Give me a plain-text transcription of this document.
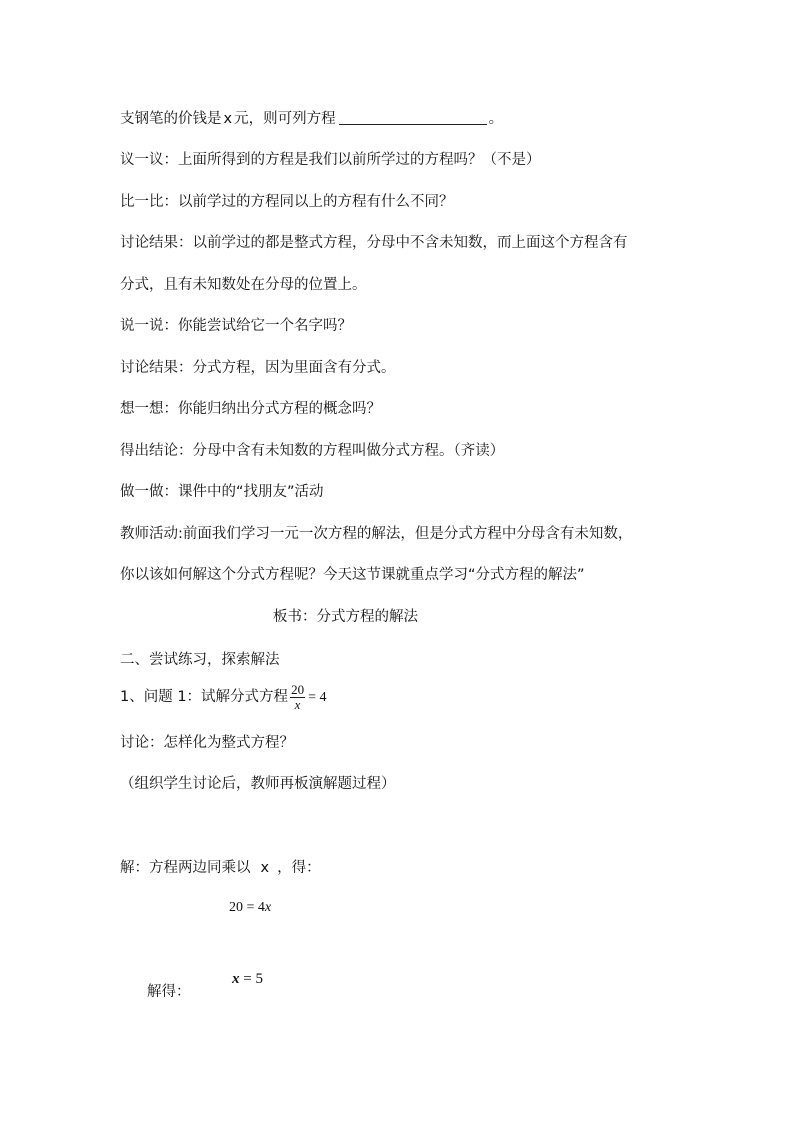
支钢笔的价钱是 x 元，则可列方程	。
议一议：上面所得到的方程是我们以前所学过的方程吗？（不是）
比一比：以前学过的方程同以上的方程有什么不同？
讨论结果：以前学过的都是整式方程，分母中不含未知数，而上面这个方程含有
分式，且有未知数处在分母的位置上。
说一说：你能尝试给它一个名字吗？
讨论结果：分式方程，因为里面含有分式。
想一想：你能归纳出分式方程的概念吗？
得出结论：分母中含有未知数的方程叫做分式方程。（齐读）
做一做：课件中的“找朋友”活动
教师活动:前面我们学习一元一次方程的解法，但是分式方程中分母含有未知数，
你以该如何解这个分式方程呢？今天这节课就重点学习“分式方程的解法”
板书：分式方程的解法
二、尝试练习，探索解法
1、问题 1：试解分式方程 $\frac{20}{x} = 4$
讨论：怎样化为整式方程？
（组织学生讨论后，教师再板演解题过程）
解：方程两边同乘以 x ，得：
20 = 4x
x = 5
解得：
